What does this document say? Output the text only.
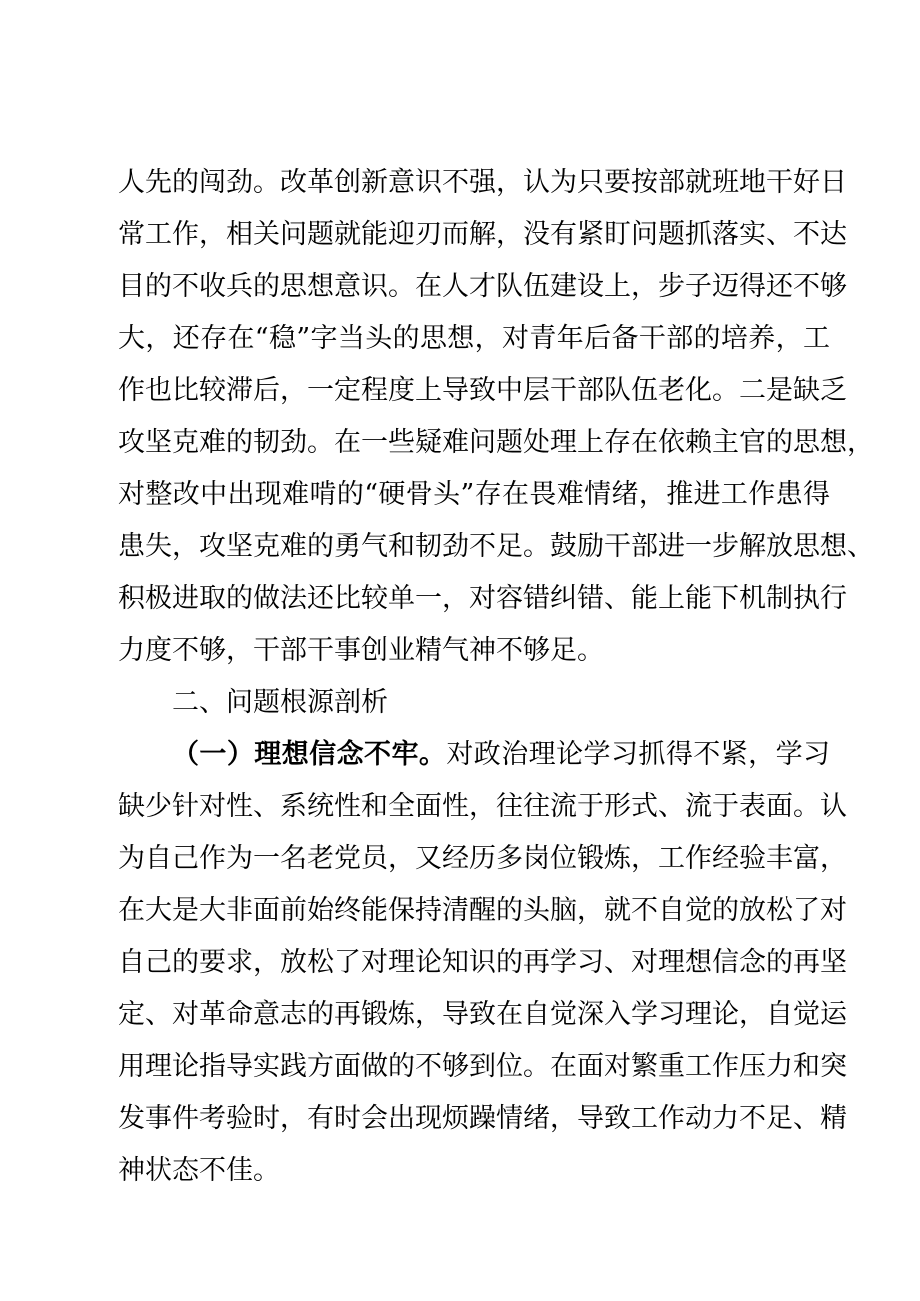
人先的闯劲。改革创新意识不强，认为只要按部就班地干好日
常工作，相关问题就能迎刃而解，没有紧盯问题抓落实、不达
目的不收兵的思想意识。在人才队伍建设上，步子迈得还不够
大，还存在“稳”字当头的思想，对青年后备干部的培养，工
作也比较滞后，一定程度上导致中层干部队伍老化。二是缺乏
攻坚克难的韧劲。在一些疑难问题处理上存在依赖主官的思想，
对整改中出现难啃的“硬骨头”存在畏难情绪，推进工作患得
患失，攻坚克难的勇气和韧劲不足。鼓励干部进一步解放思想、
积极进取的做法还比较单一，对容错纠错、能上能下机制执行
力度不够，干部干事创业精气神不够足。
二、问题根源剖析
（一）理想信念不牢。对政治理论学习抓得不紧，学习
缺少针对性、系统性和全面性，往往流于形式、流于表面。认
为自己作为一名老党员，又经历多岗位锻炼，工作经验丰富，
在大是大非面前始终能保持清醒的头脑，就不自觉的放松了对
自己的要求，放松了对理论知识的再学习、对理想信念的再坚
定、对革命意志的再锻炼，导致在自觉深入学习理论，自觉运
用理论指导实践方面做的不够到位。在面对繁重工作压力和突
发事件考验时，有时会出现烦躁情绪，导致工作动力不足、精
神状态不佳。
